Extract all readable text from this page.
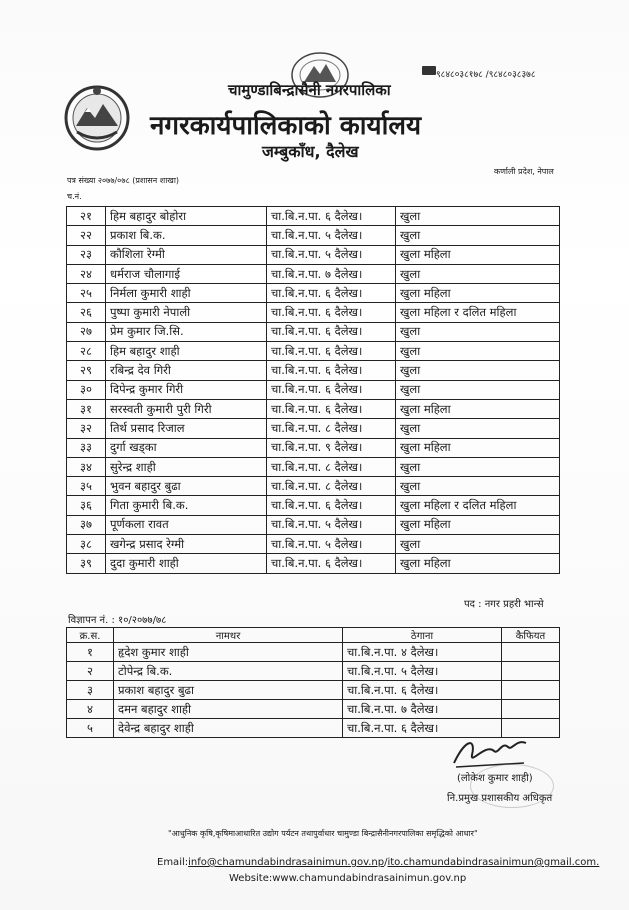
९८४८०३८१७८ /९८४८०३८३७८
चामुण्डाबिन्द्रासैनी नगरपालिका
नगरकार्यपालिकाको कार्यालय
जम्बुकाँध, दैलेख
पत्र संख्या २०७७/०७८ (प्रशासन शाखा)
च.नं.
कर्णाली प्रदेश, नेपाल
२१	हिम बहादुर बोहोरा	चा.बि.न.पा. ६ दैलेख।	खुला
२२	प्रकाश बि.क.	चा.बि.न.पा. ५ दैलेख।	खुला
२३	कौशिला रेग्मी	चा.बि.न.पा. ५ दैलेख।	खुला महिला
२४	धर्मराज चौलागाई	चा.बि.न.पा. ७ दैलेख।	खुला
२५	निर्मला कुमारी शाही	चा.बि.न.पा. ६ दैलेख।	खुला महिला
२६	पुष्पा कुमारी नेपाली	चा.बि.न.पा. ६ दैलेख।	खुला महिला र दलित महिला
२७	प्रेम कुमार जि.सि.	चा.बि.न.पा. ६ दैलेख।	खुला
२८	हिम बहादुर शाही	चा.बि.न.पा. ६ दैलेख।	खुला
२९	रबिन्द्र देव गिरी	चा.बि.न.पा. ६ दैलेख।	खुला
३०	दिपेन्द्र कुमार गिरी	चा.बि.न.पा. ६ दैलेख।	खुला
३१	सरस्वती कुमारी पुरी गिरी	चा.बि.न.पा. ६ दैलेख।	खुला महिला
३२	तिर्थ प्रसाद रिजाल	चा.बि.न.पा. ८ दैलेख।	खुला
३३	दुर्गा खड्का	चा.बि.न.पा. ९ दैलेख।	खुला महिला
३४	सुरेन्द्र शाही	चा.बि.न.पा. ८ दैलेख।	खुला
३५	भुवन बहादुर बुढा	चा.बि.न.पा. ८ दैलेख।	खुला
३६	गिता कुमारी बि.क.	चा.बि.न.पा. ६ दैलेख।	खुला महिला र दलित महिला
३७	पूर्णकला रावत	चा.बि.न.पा. ५ दैलेख।	खुला महिला
३८	खगेन्द्र प्रसाद रेग्मी	चा.बि.न.पा. ५ दैलेख।	खुला
३९	दुदा कुमारी शाही	चा.बि.न.पा. ६ दैलेख।	खुला महिला
पद : नगर प्रहरी भान्से
विज्ञापन नं. : १०/२०७७/७८
क्र.स.	नामथर	ठेगाना	कैफियत
१	हृदेश कुमार शाही	चा.बि.न.पा. ४ दैलेख।	
२	टोपेन्द्र बि.क.	चा.बि.न.पा. ५ दैलेख।	
३	प्रकाश बहादुर बुढा	चा.बि.न.पा. ६ दैलेख।	
४	दमन बहादुर शाही	चा.बि.न.पा. ७ दैलेख।	
५	देवेन्द्र बहादुर शाही	चा.बि.न.पा. ६ दैलेख।	
(लोकेश कुमार शाही)
नि.प्रमुख प्रशासकीय अधिकृत
"आधुनिक कृषि,कृषिमाआधारित उद्योग पर्यटन तथापुर्वाधार चामुण्डा बिन्द्रासैनीनगरपालिका समृद्धिको आधार"
Email:info@chamundabindrasainimun.gov.np/ito.chamundabindrasainimun@gmail.com.
Website:www.chamundabindrasainimun.gov.np
